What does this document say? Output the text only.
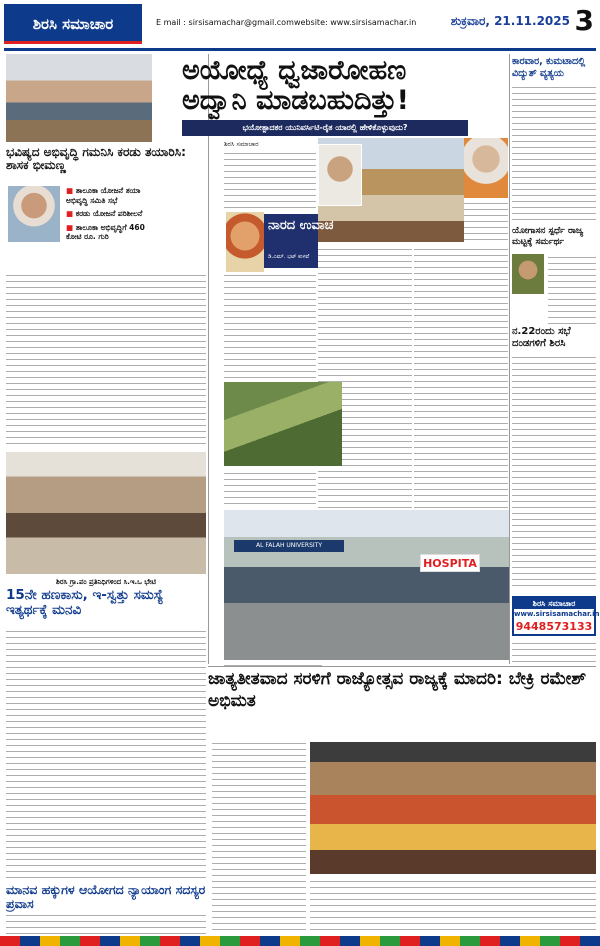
ಶಿರಸಿ ಸಮಾಚಾರ	E mail : sirsisamachar@gmail.com website: www.sirsisamachar.in	ಶುಕ್ರವಾರ, 21.11.2025 3
ಭವಿಷ್ಯದ ಅಭಿವೃದ್ಧಿ ಗಮನಿಸಿ ಕರಡು ತಯಾರಿಸಿ: ಶಾಸಕ ಭೀಮಣ್ಣ
■ ತಾಲೂಕಾ ಯೋಜನೆ ತಯಾ ಅಭಿವೃದ್ಧಿ ಸಮಿತಿ ಸಭೆ
■ ಕರಡು ಯೋಜನೆ ಪರಿಶೀಲನೆ
■ ತಾಲೂಕಾ ಅಭಿವೃದ್ಧಿಗೆ 460 ಕೋಟಿ ರೂ. ಗುರಿ
ಶಿರಸಿ ಗ್ರಾ.ಪಂ ಪ್ರತಿನಿಧಿಗಳಿಂದ ಸಿ.ಇ.ಒ ಭೇಟಿ
15ನೇ ಹಣಕಾಸು, ಇ-ಸ್ವತ್ತು ಸಮಸ್ಯೆ ಇತ್ಯರ್ಥಕ್ಕೆ ಮನವಿ
ಮಾನವ ಹಕ್ಕುಗಳ ಆಯೋಗದ ನ್ಯಾಯಾಂಗ ಸದಸ್ಯರ ಪ್ರವಾಸ
ಅಯೋಧ್ಯೆ ಧ್ವಜಾರೋಹಣ ಅದ್ವಾನಿ ಮಾಡಬಹುದಿತ್ತು!
ಭಯೋತ್ಪಾದಕರ ಯುನಿವರ್ಸಿಟಿ-ರೈತ ಯಾರಲ್ಲಿ ಹೇಳಿಕೊಳ್ಳುವುದು?
ಶಿರಸಿ ಸಮಾಚಾರ
ನಾರದ ಉವಾಚ
ಡಿ.ಎಮ್. ಭಟ್ ಕುಳವೆ
AL FALAH UNIVERSITY
HOSPITA
ಕಾರವಾರ, ಕುಮಟಾದಲ್ಲಿ ವಿದ್ಯುತ್ ವ್ಯತ್ಯಯ
ಯೋಗಾಸನ ಸ್ಪರ್ಧೆ ರಾಜ್ಯ ಮಟ್ಟಕ್ಕೆ ಸರ್ಮರ್ಥ
ನ.22ರಂದು ಸಭೆ ದಂಡಗಳಿಗೆ ಶಿರಸಿ
ಶಿರಸಿ ಸಮಾಚಾರ
www.sirsisamachar.in
9448573133
ಜಾತ್ಯತೀತವಾದ ಸರಳಿಗೆ ರಾಜ್ಯೋತ್ಸವ ರಾಜ್ಯಕ್ಕೆ ಮಾದರಿ: ಬೇಕ್ರಿ ರಮೇಶ್ ಅಭಿಮತ
